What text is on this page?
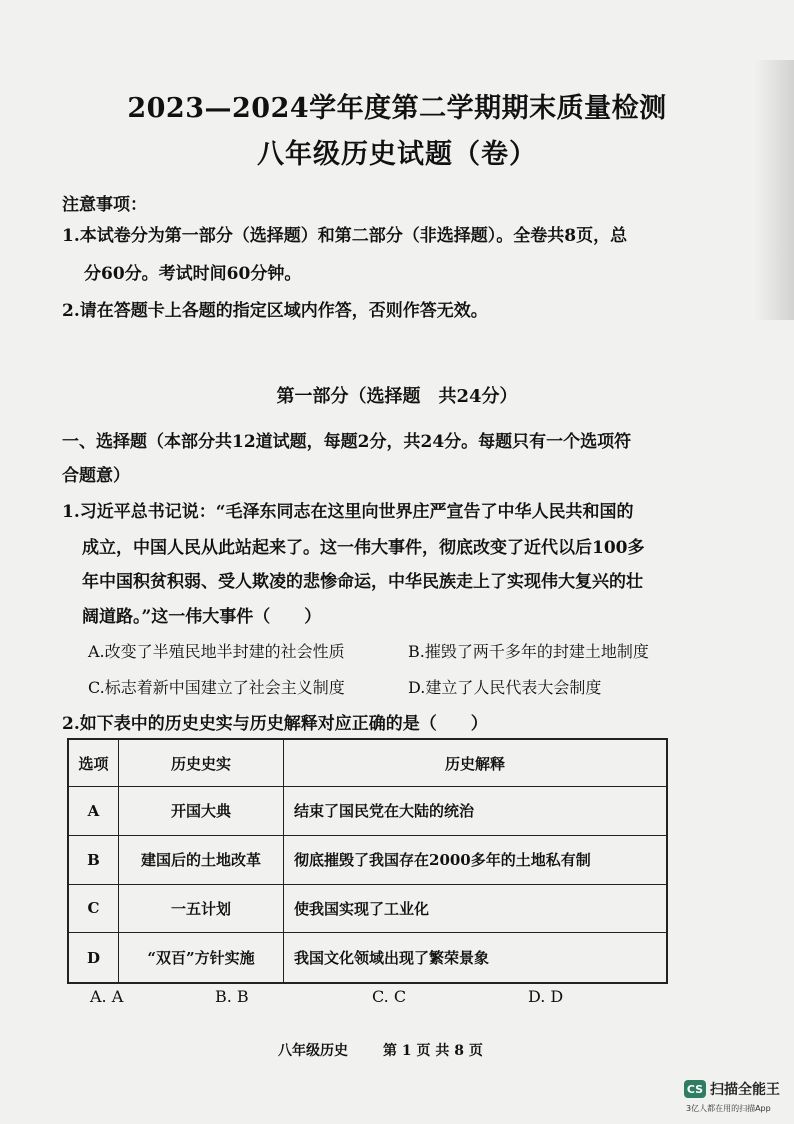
2023—2024学年度第二学期期末质量检测
八年级历史试题（卷）
注意事项：
1.本试卷分为第一部分（选择题）和第二部分（非选择题）。全卷共8页，总
分60分。考试时间60分钟。
2.请在答题卡上各题的指定区域内作答，否则作答无效。
第一部分（选择题　共24分）
一、选择题（本部分共12道试题，每题2分，共24分。每题只有一个选项符
合题意）
1.习近平总书记说：“毛泽东同志在这里向世界庄严宣告了中华人民共和国的
成立，中国人民从此站起来了。这一伟大事件，彻底改变了近代以后100多
年中国积贫积弱、受人欺凌的悲惨命运，中华民族走上了实现伟大复兴的壮
阔道路。”这一伟大事件（　　）
A.改变了半殖民地半封建的社会性质	B.摧毁了两千多年的封建土地制度
C.标志着新中国建立了社会主义制度	D.建立了人民代表大会制度
2.如下表中的历史史实与历史解释对应正确的是（　　）
选项	历史史实	历史解释
A	开国大典	结束了国民党在大陆的统治
B	建国后的土地改革	彻底摧毁了我国存在2000多年的土地私有制
C	一五计划	使我国实现了工业化
D	“双百”方针实施	我国文化领域出现了繁荣景象
A. A	B. B	C. C	D. D
八年级历史	第 1 页 共 8 页
CS 扫描全能王
3亿人都在用的扫描App
